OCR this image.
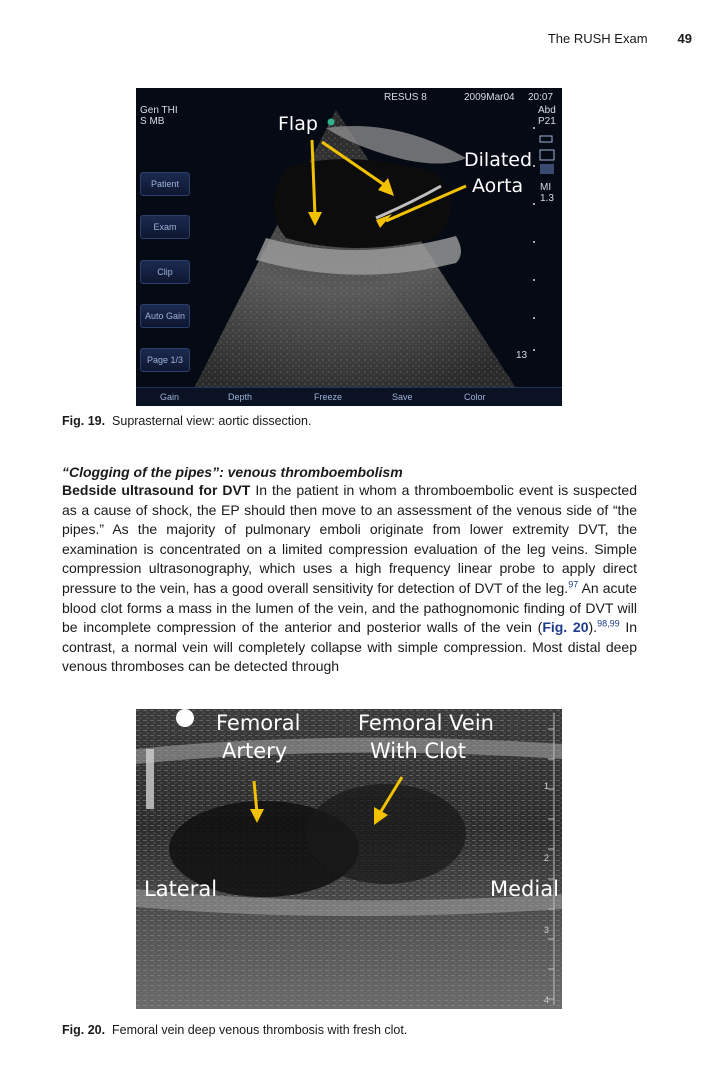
The RUSH Exam 49
Gen THI
S MB
RESUS 8	2009Mar04 20:07
Abd
P21
MI
1.3
13
Patient
Exam
Clip
Auto Gain
Page 1/3
Gain	Depth	Freeze	Save	Color
Flap
Dilated
Aorta
Fig. 19. Suprasternal view: aortic dissection.
“Clogging of the pipes”: venous thromboembolism
Bedside ultrasound for DVT In the patient in whom a thromboembolic event is suspected as a cause of shock, the EP should then move to an assessment of the venous side of “the pipes.” As the majority of pulmonary emboli originate from lower extremity DVT, the examination is concentrated on a limited compression evaluation of the leg veins. Simple compression ultrasonography, which uses a high frequency linear probe to apply direct pressure to the vein, has a good overall sensitivity for detection of DVT of the leg.$^{97}$ An acute blood clot forms a mass in the lumen of the vein, and the pathognomonic finding of DVT will be incomplete compression of the anterior and posterior walls of the vein (Fig. 20).$^{98,99}$ In contrast, a normal vein will completely collapse with simple compression. Most distal deep venous thromboses can be detected through
Femoral
Artery
Femoral Vein
With Clot
Lateral	Medial
1
2
3
4
Fig. 20. Femoral vein deep venous thrombosis with fresh clot.
